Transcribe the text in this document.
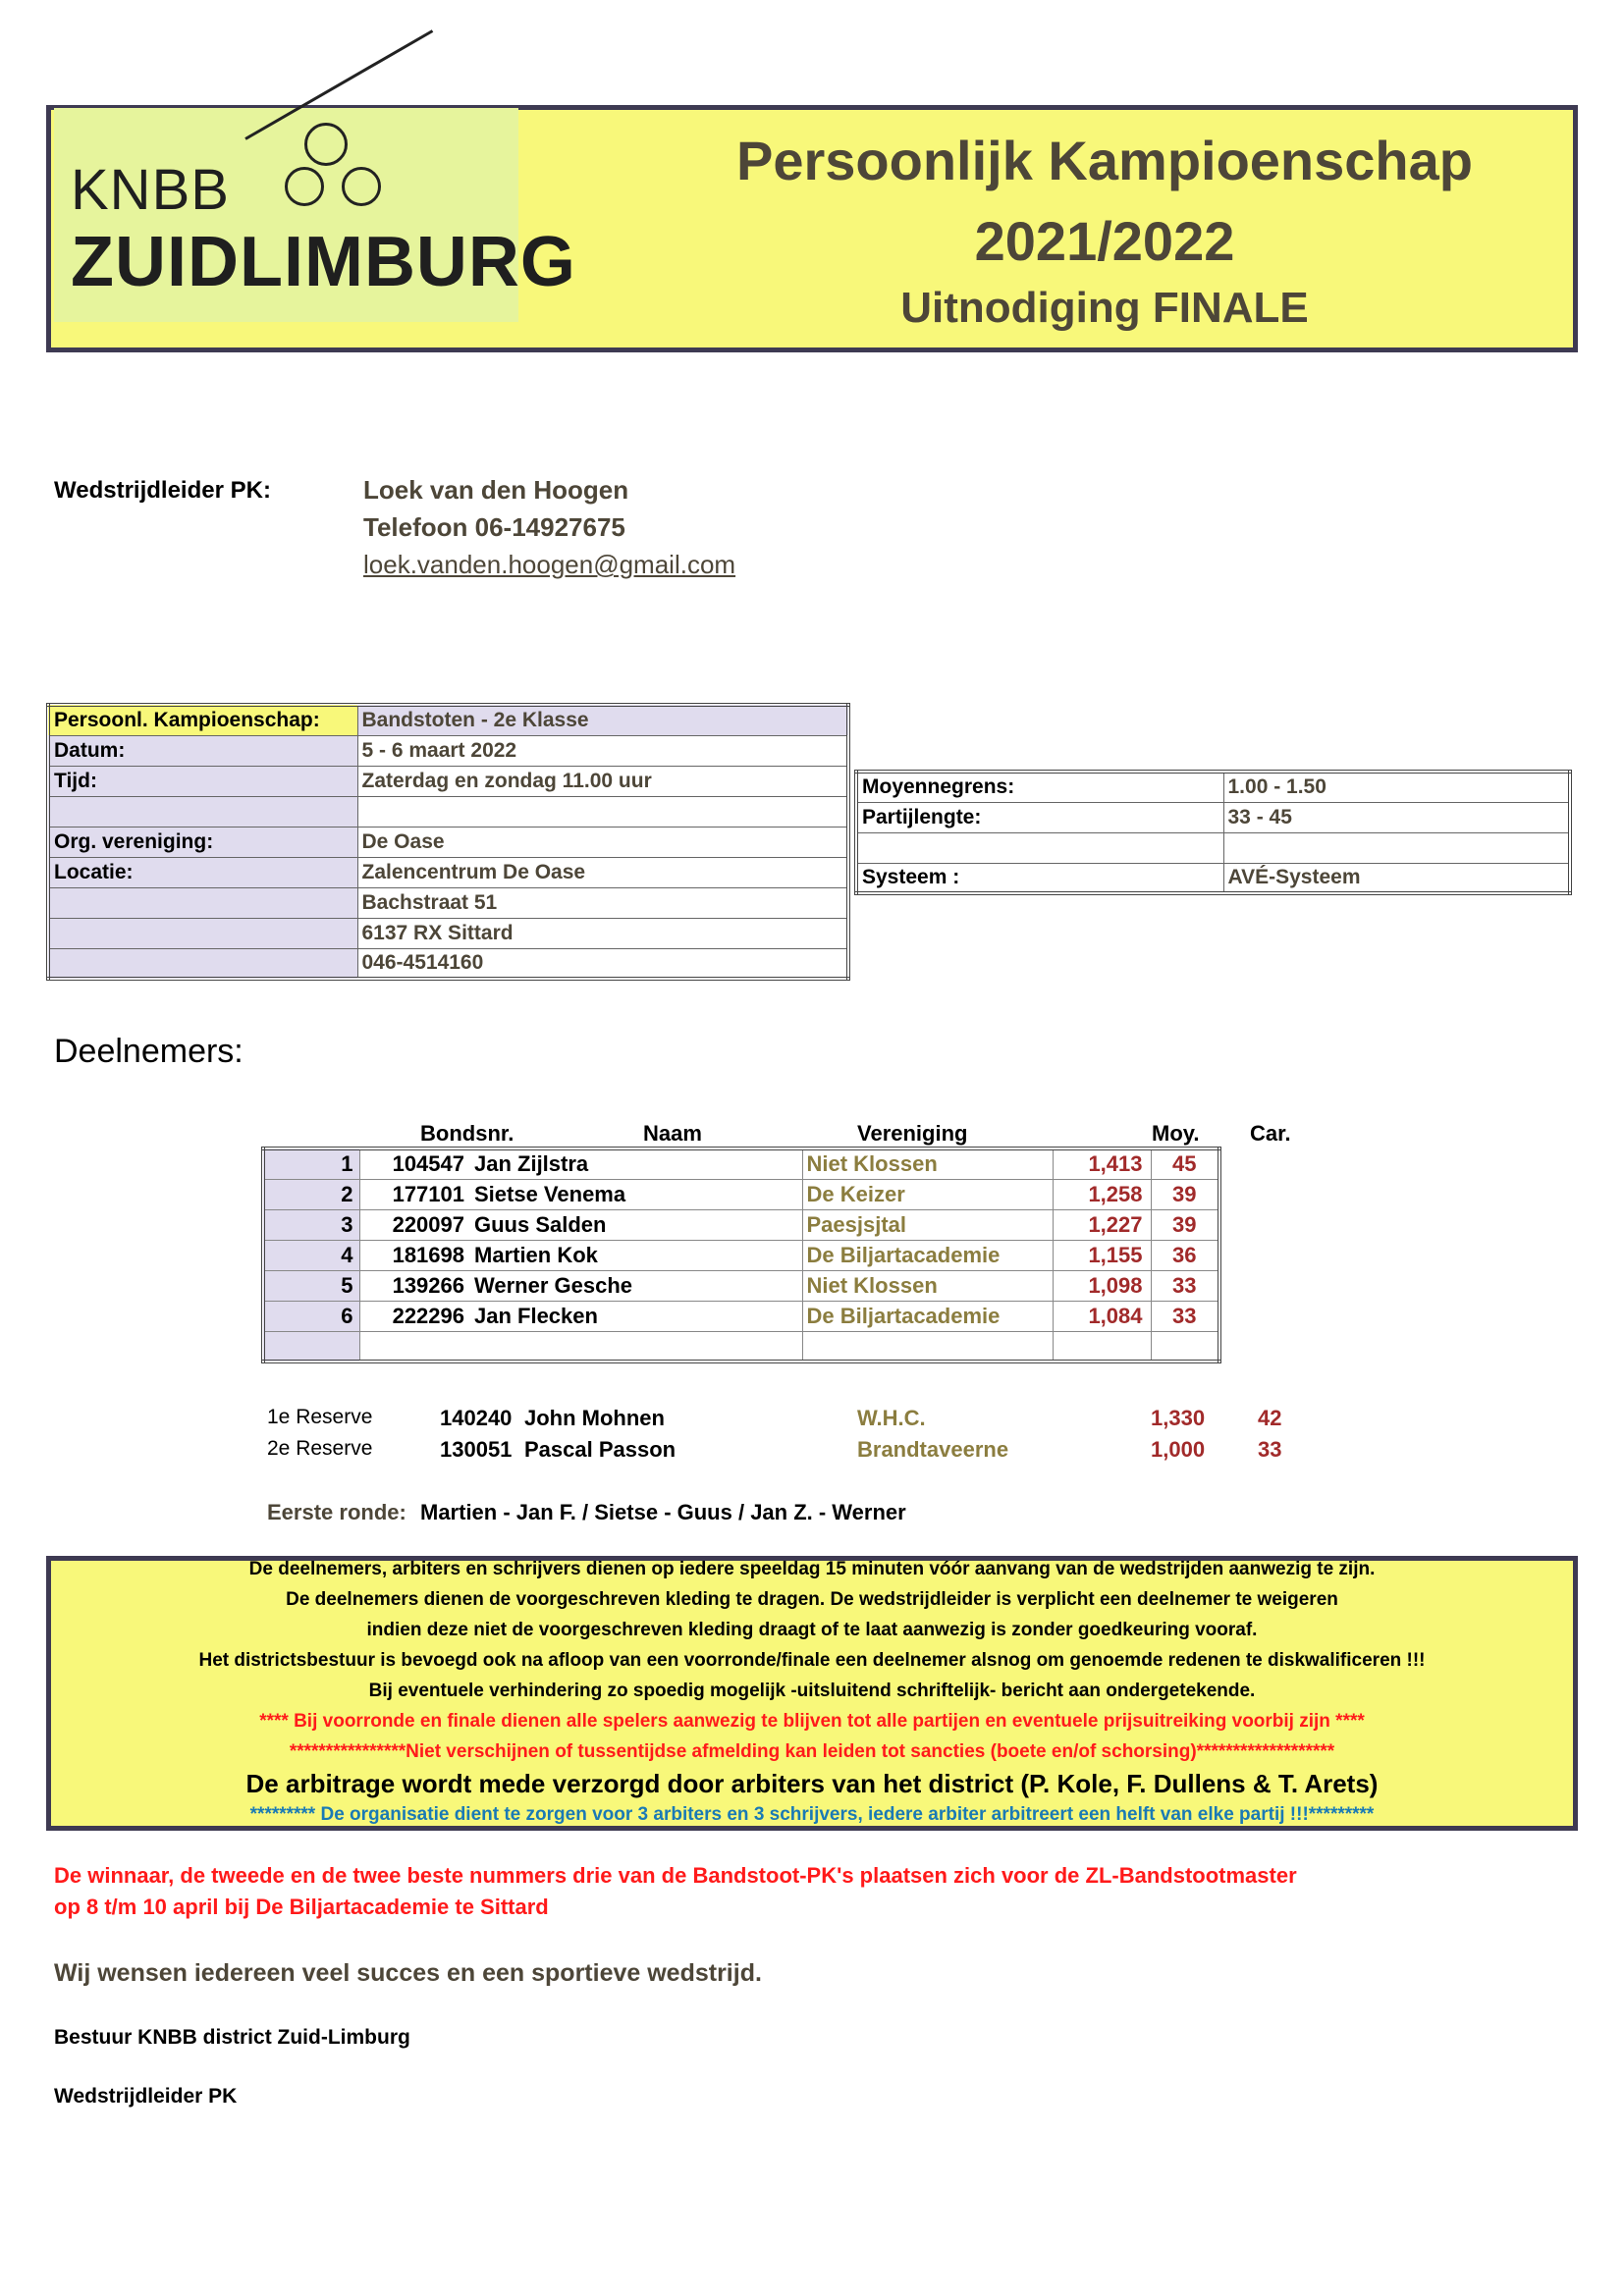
KNBB
ZUIDLIMBURG
Persoonlijk Kampioenschap
2021/2022
Uitnodiging FINALE
Wedstrijdleider PK:	Loek van den Hoogen
Telefoon 06-14927675
loek.vanden.hoogen@gmail.com
Persoonl. Kampioenschap:	Bandstoten - 2e Klasse
Datum:	5 - 6 maart 2022
Tijd:	Zaterdag en zondag 11.00 uur

Org. vereniging:	De Oase
Locatie:	Zalencentrum De Oase
	Bachstraat 51
	6137 RX Sittard
	046-4514160
Moyennegrens:	1.00 - 1.50
Partijlengte:	33 - 45

Systeem :	AVÉ-Systeem
Deelnemers:
Bondsnr.	Naam	Vereniging	Moy. Car.
1	104547	Jan Zijlstra	Niet Klossen	1,413	45
2	177101	Sietse Venema	De Keizer	1,258	39
3	220097	Guus Salden	Paesjsjtal	1,227	39
4	181698	Martien Kok	De Biljartacademie	1,155	36
5	139266	Werner Gesche	Niet Klossen	1,098	33
6	222296	Jan Flecken	De Biljartacademie	1,084	33

1e Reserve	140240 John Mohnen	W.H.C.	1,330 42
2e Reserve	130051 Pascal Passon	Brandtaveerne	1,000 33
Eerste ronde: Martien - Jan F. / Sietse - Guus / Jan Z. - Werner
De deelnemers, arbiters en schrijvers dienen op iedere speeldag 15 minuten vóór aanvang van de wedstrijden aanwezig te zijn.
De deelnemers dienen de voorgeschreven kleding te dragen. De wedstrijdleider is verplicht een deelnemer te weigeren
indien deze niet de voorgeschreven kleding draagt of te laat aanwezig is zonder goedkeuring vooraf.
Het districtsbestuur is bevoegd ook na afloop van een voorronde/finale een deelnemer alsnog om genoemde redenen te diskwalificeren !!!
Bij eventuele verhindering zo spoedig mogelijk -uitsluitend schriftelijk- bericht aan ondergetekende.
**** Bij voorronde en finale dienen alle spelers aanwezig te blijven tot alle partijen en eventuele prijsuitreiking voorbij zijn ****
****************Niet verschijnen of tussentijdse afmelding kan leiden tot sancties (boete en/of schorsing)*******************
De arbitrage wordt mede verzorgd door arbiters van het district (P. Kole, F. Dullens & T. Arets)
********* De organisatie dient te zorgen voor 3 arbiters en 3 schrijvers, iedere arbiter arbitreert een helft van elke partij !!!*********
De winnaar, de tweede en de twee beste nummers drie van de Bandstoot-PK's plaatsen zich voor de ZL-Bandstootmaster
op 8 t/m 10 april bij De Biljartacademie te Sittard
Wij wensen iedereen veel succes en een sportieve wedstrijd.
Bestuur KNBB district Zuid-Limburg
Wedstrijdleider PK
